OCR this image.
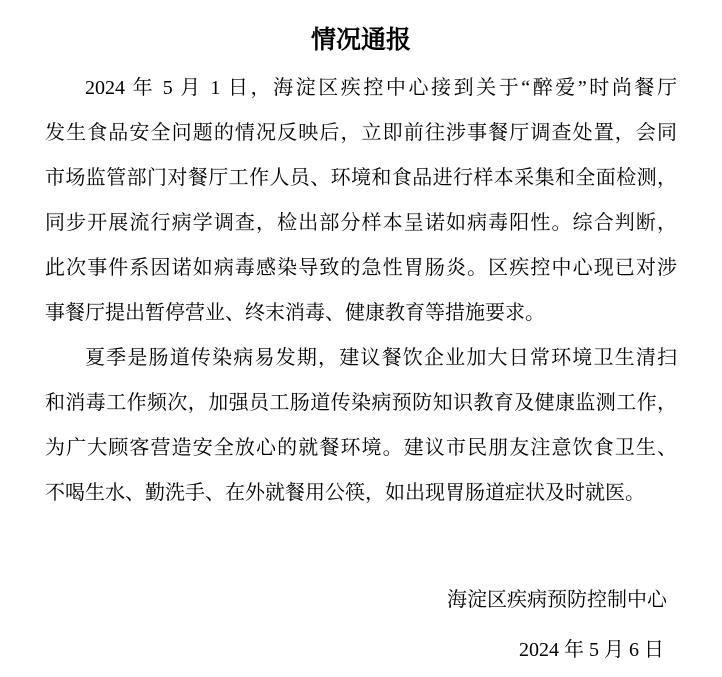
情况通报
2024 年 5 月 1 日，海淀区疾控中心接到关于“醉爱”时尚餐厅
发生食品安全问题的情况反映后，立即前往涉事餐厅调查处置，会同
市场监管部门对餐厅工作人员、环境和食品进行样本采集和全面检测，
同步开展流行病学调查，检出部分样本呈诺如病毒阳性。综合判断，
此次事件系因诺如病毒感染导致的急性胃肠炎。区疾控中心现已对涉
事餐厅提出暂停营业、终末消毒、健康教育等措施要求。
夏季是肠道传染病易发期，建议餐饮企业加大日常环境卫生清扫
和消毒工作频次，加强员工肠道传染病预防知识教育及健康监测工作，
为广大顾客营造安全放心的就餐环境。建议市民朋友注意饮食卫生、
不喝生水、勤洗手、在外就餐用公筷，如出现胃肠道症状及时就医。
海淀区疾病预防控制中心
2024 年 5 月 6 日
